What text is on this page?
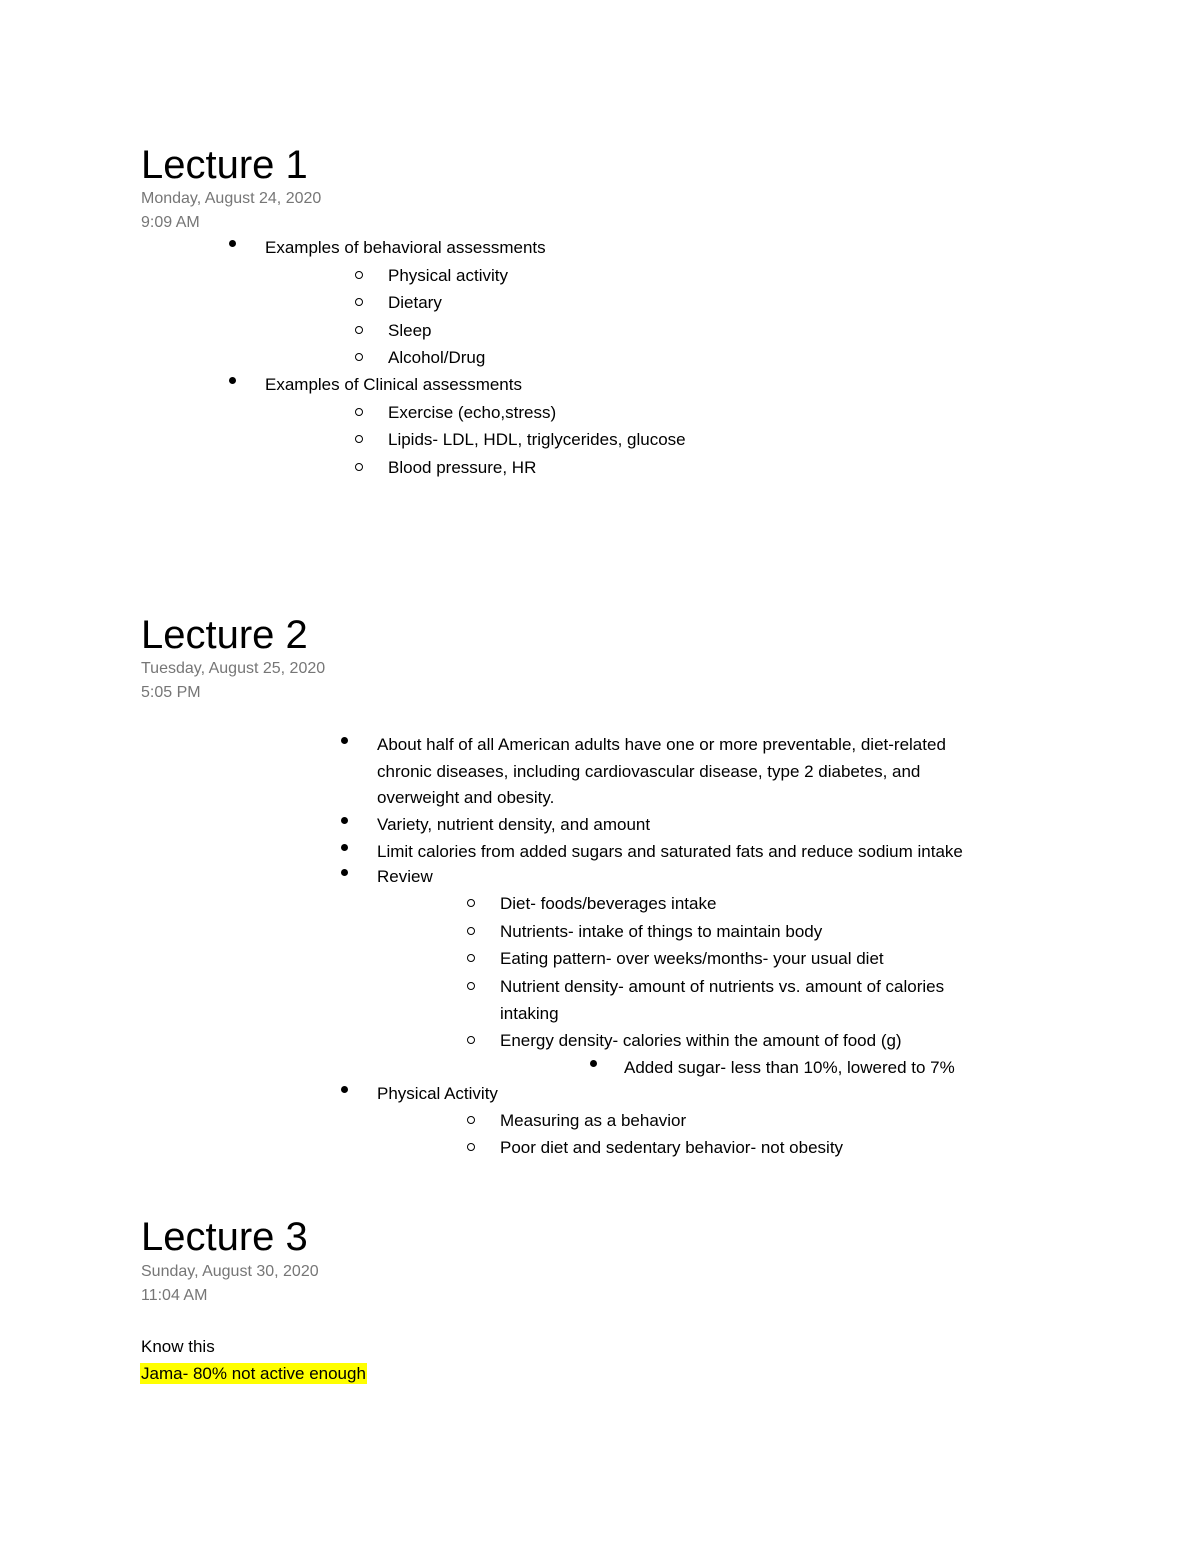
Lecture 1
Monday, August 24, 2020
9:09 AM
Examples of behavioral assessments
Physical activity
Dietary
Sleep
Alcohol/Drug
Examples of Clinical assessments
Exercise (echo,stress)
Lipids- LDL, HDL, triglycerides, glucose
Blood pressure, HR
Lecture 2
Tuesday, August 25, 2020
5:05 PM
About half of all American adults have one or more preventable, diet-related
chronic diseases, including cardiovascular disease, type 2 diabetes, and
overweight and obesity.
Variety, nutrient density, and amount
Limit calories from added sugars and saturated fats and reduce sodium intake
Review
Diet- foods/beverages intake
Nutrients- intake of things to maintain body
Eating pattern- over weeks/months- your usual diet
Nutrient density- amount of nutrients vs. amount of calories
intaking
Energy density- calories within the amount of food (g)
Added sugar- less than 10%, lowered to 7%
Physical Activity
Measuring as a behavior
Poor diet and sedentary behavior- not obesity
Lecture 3
Sunday, August 30, 2020
11:04 AM
Know this
Jama- 80% not active enough
